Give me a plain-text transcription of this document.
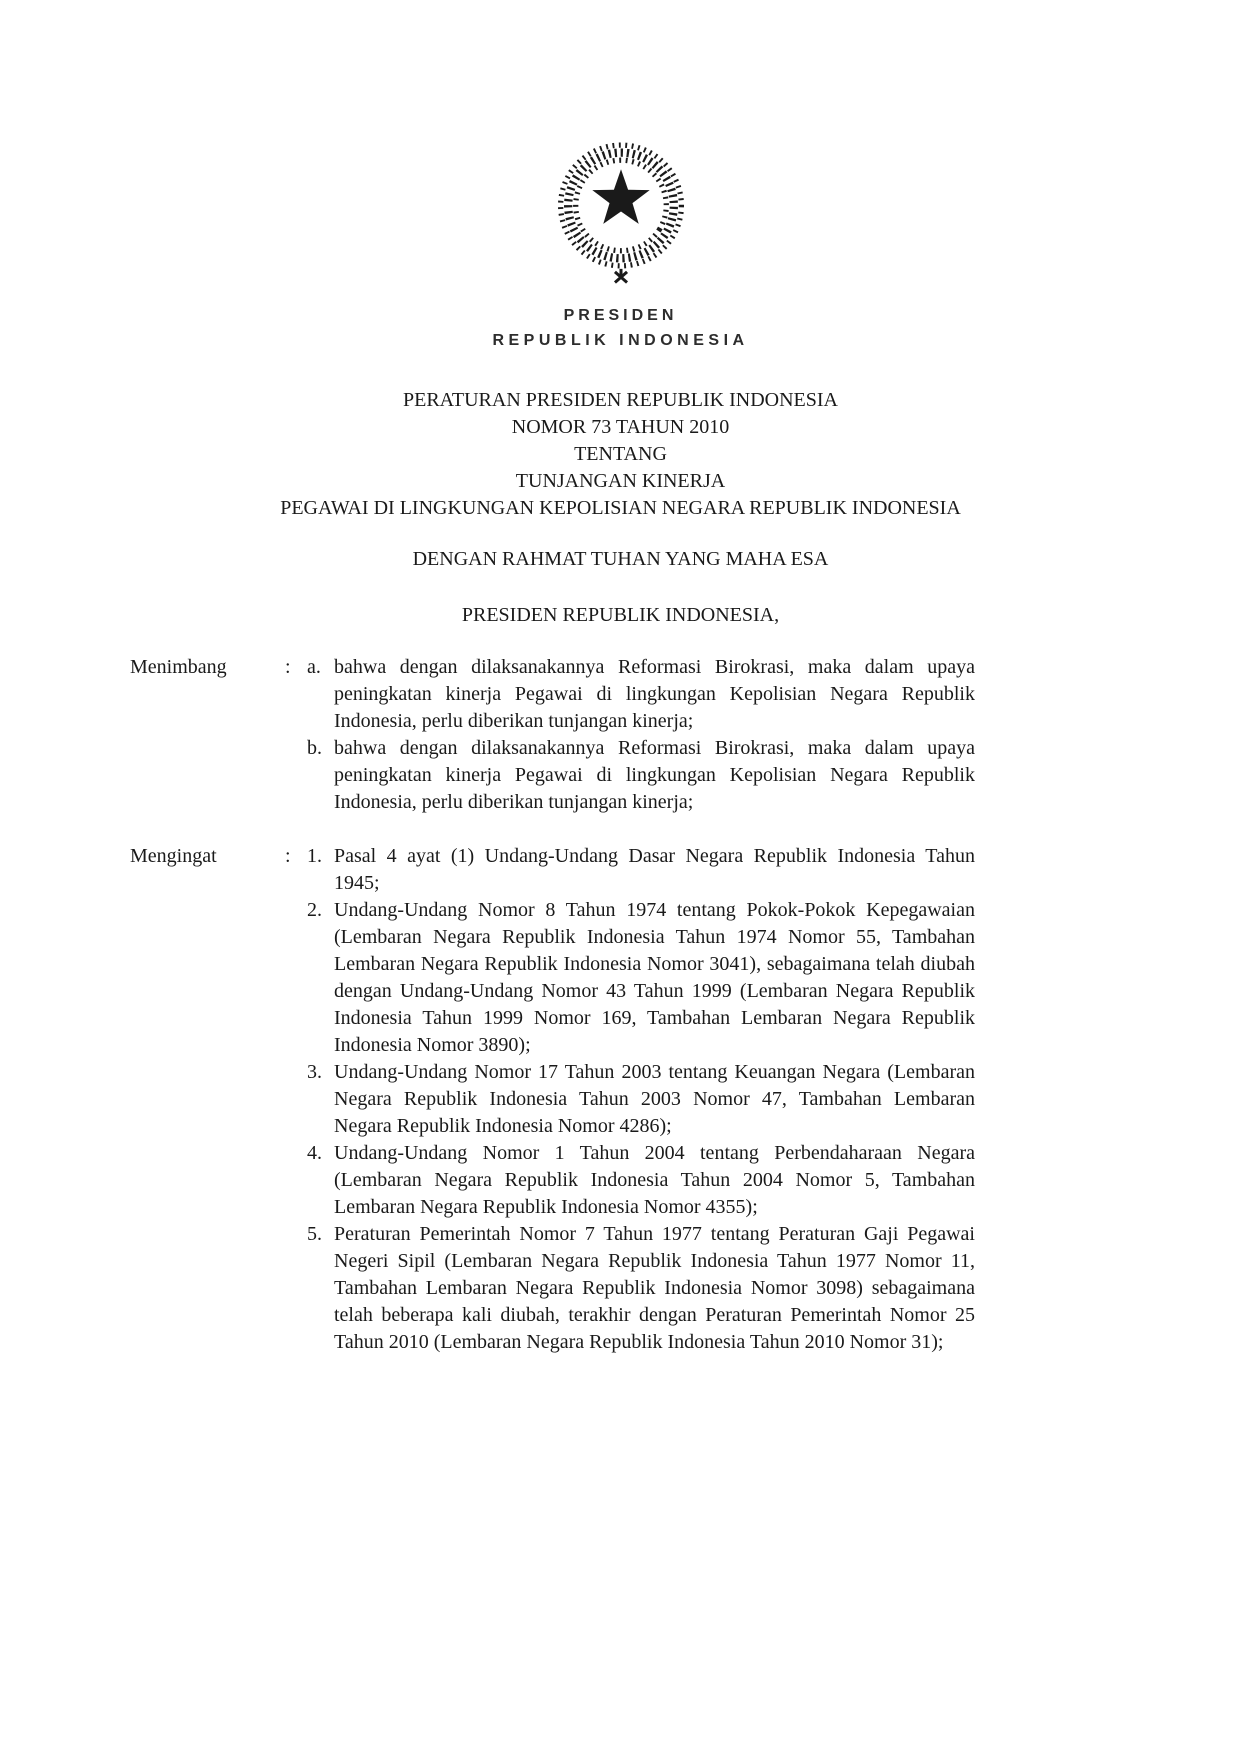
PRESIDEN
REPUBLIK INDONESIA
PERATURAN PRESIDEN REPUBLIK INDONESIA
NOMOR 73 TAHUN 2010
TENTANG
TUNJANGAN KINERJA
PEGAWAI DI LINGKUNGAN KEPOLISIAN NEGARA REPUBLIK INDONESIA
DENGAN RAHMAT TUHAN YANG MAHA ESA
PRESIDEN REPUBLIK INDONESIA,
Menimbang	: a. bahwa dengan dilaksanakannya Reformasi Birokrasi, maka dalam upaya peningkatan kinerja Pegawai di lingkungan Kepolisian Negara Republik Indonesia, perlu diberikan tunjangan kinerja;
b. bahwa dengan dilaksanakannya Reformasi Birokrasi, maka dalam upaya peningkatan kinerja Pegawai di lingkungan Kepolisian Negara Republik Indonesia, perlu diberikan tunjangan kinerja;
Mengingat	: 1. Pasal 4 ayat (1) Undang-Undang Dasar Negara Republik Indonesia Tahun 1945;
2. Undang-Undang Nomor 8 Tahun 1974 tentang Pokok-Pokok Kepegawaian (Lembaran Negara Republik Indonesia Tahun 1974 Nomor 55, Tambahan Lembaran Negara Republik Indonesia Nomor 3041), sebagaimana telah diubah dengan Undang-Undang Nomor 43 Tahun 1999 (Lembaran Negara Republik Indonesia Tahun 1999 Nomor 169, Tambahan Lembaran Negara Republik Indonesia Nomor 3890);
3. Undang-Undang Nomor 17 Tahun 2003 tentang Keuangan Negara (Lembaran Negara Republik Indonesia Tahun 2003 Nomor 47, Tambahan Lembaran Negara Republik Indonesia Nomor 4286);
4. Undang-Undang Nomor 1 Tahun 2004 tentang Perbendaharaan Negara (Lembaran Negara Republik Indonesia Tahun 2004 Nomor 5, Tambahan Lembaran Negara Republik Indonesia Nomor 4355);
5. Peraturan Pemerintah Nomor 7 Tahun 1977 tentang Peraturan Gaji Pegawai Negeri Sipil (Lembaran Negara Republik Indonesia Tahun 1977 Nomor 11, Tambahan Lembaran Negara Republik Indonesia Nomor 3098) sebagaimana telah beberapa kali diubah, terakhir dengan Peraturan Pemerintah Nomor 25 Tahun 2010 (Lembaran Negara Republik Indonesia Tahun 2010 Nomor 31);
